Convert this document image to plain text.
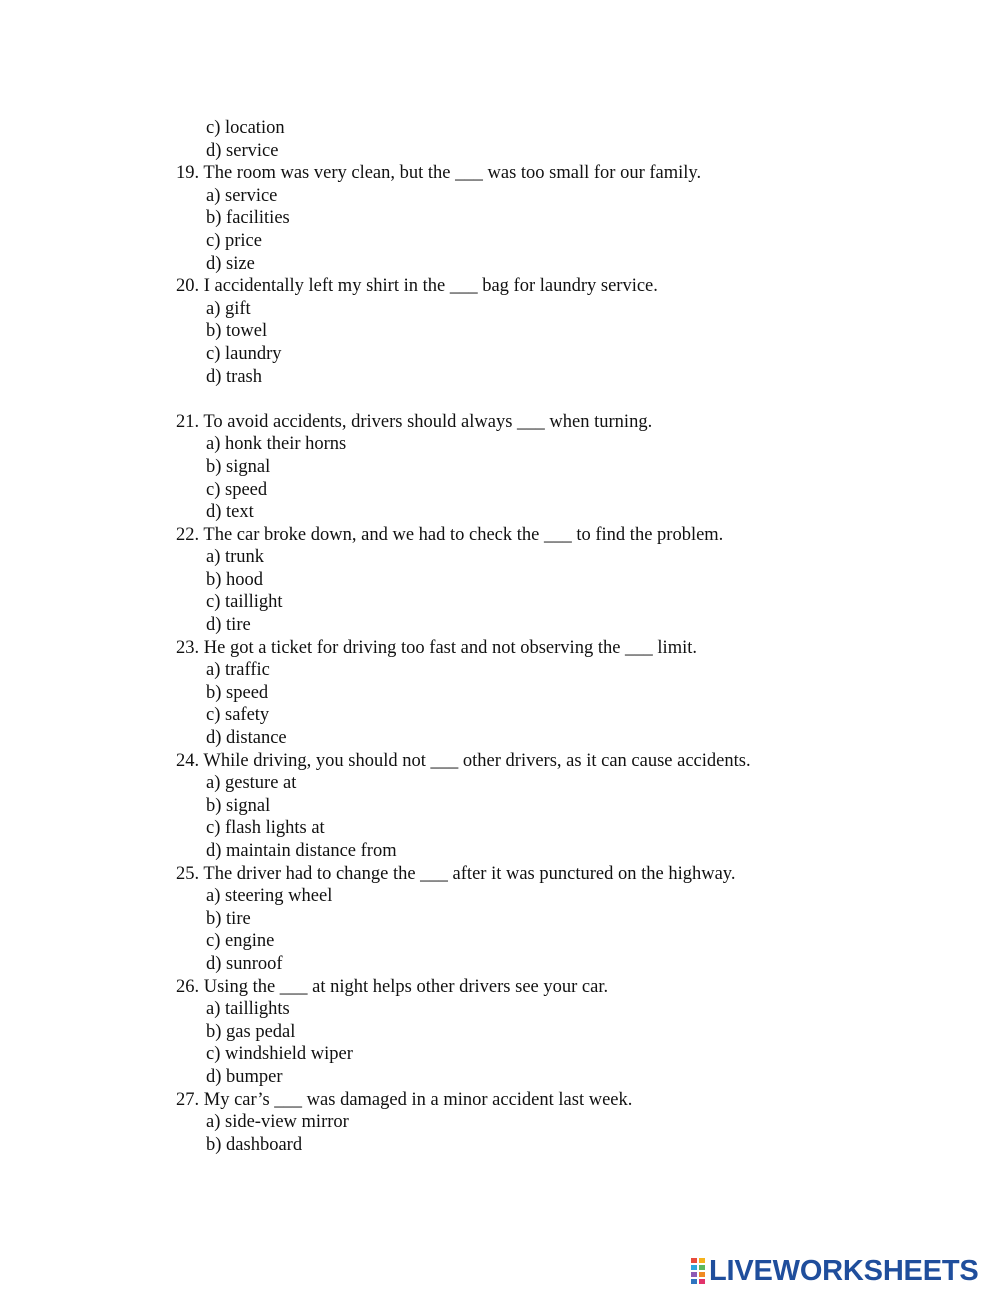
c) location
d) service
19. The room was very clean, but the ___ was too small for our family.
a) service
b) facilities
c) price
d) size
20. I accidentally left my shirt in the ___ bag for laundry service.
a) gift
b) towel
c) laundry
d) trash
21. To avoid accidents, drivers should always ___ when turning.
a) honk their horns
b) signal
c) speed
d) text
22. The car broke down, and we had to check the ___ to find the problem.
a) trunk
b) hood
c) taillight
d) tire
23. He got a ticket for driving too fast and not observing the ___ limit.
a) traffic
b) speed
c) safety
d) distance
24. While driving, you should not ___ other drivers, as it can cause accidents.
a) gesture at
b) signal
c) flash lights at
d) maintain distance from
25. The driver had to change the ___ after it was punctured on the highway.
a) steering wheel
b) tire
c) engine
d) sunroof
26. Using the ___ at night helps other drivers see your car.
a) taillights
b) gas pedal
c) windshield wiper
d) bumper
27. My car’s ___ was damaged in a minor accident last week.
a) side-view mirror
b) dashboard
LIVEWORKSHEETS
